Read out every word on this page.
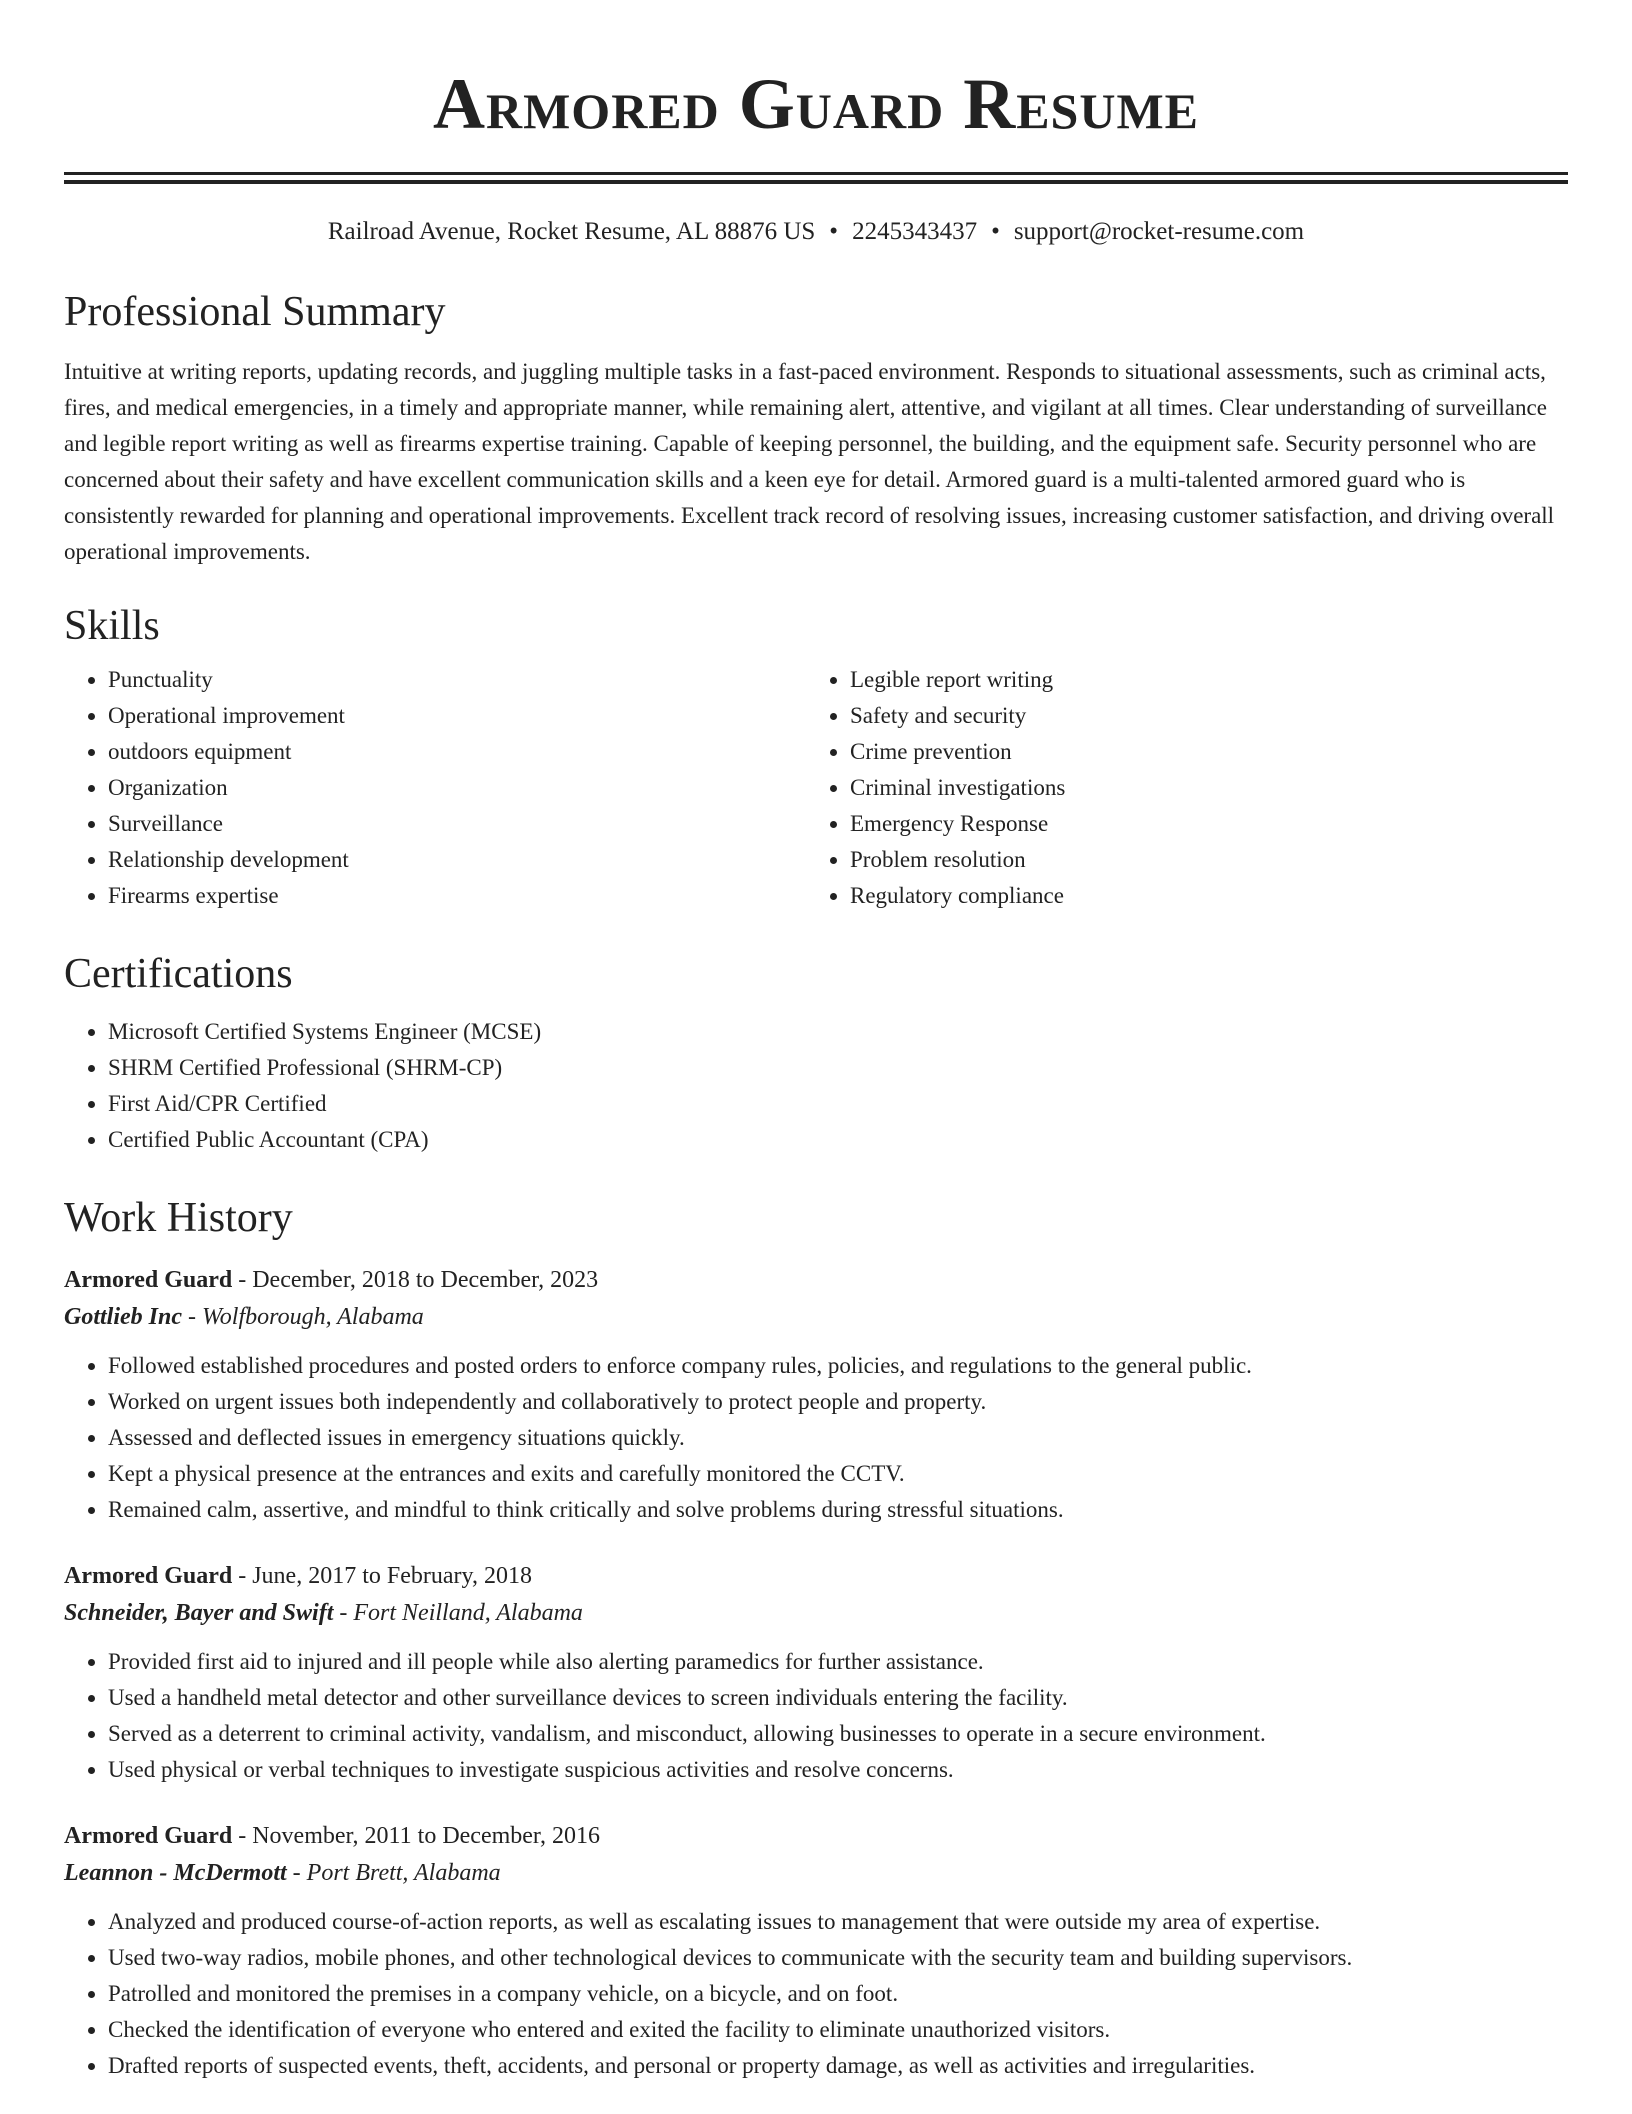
Armored Guard Resume
Railroad Avenue, Rocket Resume, AL 88876 US • 2245343437 • support@rocket-resume.com
Professional Summary

Intuitive at writing reports, updating records, and juggling multiple tasks in a fast-paced environment. Responds to situational assessments, such as criminal acts, fires, and medical emergencies, in a timely and appropriate manner, while remaining alert, attentive, and vigilant at all times. Clear understanding of surveillance and legible report writing as well as firearms expertise training. Capable of keeping personnel, the building, and the equipment safe. Security personnel who are concerned about their safety and have excellent communication skills and a keen eye for detail. Armored guard is a multi-talented armored guard who is consistently rewarded for planning and operational improvements. Excellent track record of resolving issues, increasing customer satisfaction, and driving overall operational improvements.

Skills
• Punctuality
• Operational improvement
• outdoors equipment
• Organization
• Surveillance
• Relationship development
• Firearms expertise
• Legible report writing
• Safety and security
• Crime prevention
• Criminal investigations
• Emergency Response
• Problem resolution
• Regulatory compliance
Certifications
• Microsoft Certified Systems Engineer (MCSE)
• SHRM Certified Professional (SHRM-CP)
• First Aid/CPR Certified
• Certified Public Accountant (CPA)
Work History
Armored Guard - December, 2018 to December, 2023
Gottlieb Inc - Wolfborough, Alabama
• Followed established procedures and posted orders to enforce company rules, policies, and regulations to the general public.
• Worked on urgent issues both independently and collaboratively to protect people and property.
• Assessed and deflected issues in emergency situations quickly.
• Kept a physical presence at the entrances and exits and carefully monitored the CCTV.
• Remained calm, assertive, and mindful to think critically and solve problems during stressful situations.
Armored Guard - June, 2017 to February, 2018
Schneider, Bayer and Swift - Fort Neilland, Alabama
• Provided first aid to injured and ill people while also alerting paramedics for further assistance.
• Used a handheld metal detector and other surveillance devices to screen individuals entering the facility.
• Served as a deterrent to criminal activity, vandalism, and misconduct, allowing businesses to operate in a secure environment.
• Used physical or verbal techniques to investigate suspicious activities and resolve concerns.
Armored Guard - November, 2011 to December, 2016
Leannon - McDermott - Port Brett, Alabama
• Analyzed and produced course-of-action reports, as well as escalating issues to management that were outside my area of expertise.
• Used two-way radios, mobile phones, and other technological devices to communicate with the security team and building supervisors.
• Patrolled and monitored the premises in a company vehicle, on a bicycle, and on foot.
• Checked the identification of everyone who entered and exited the facility to eliminate unauthorized visitors.
• Drafted reports of suspected events, theft, accidents, and personal or property damage, as well as activities and irregularities.
